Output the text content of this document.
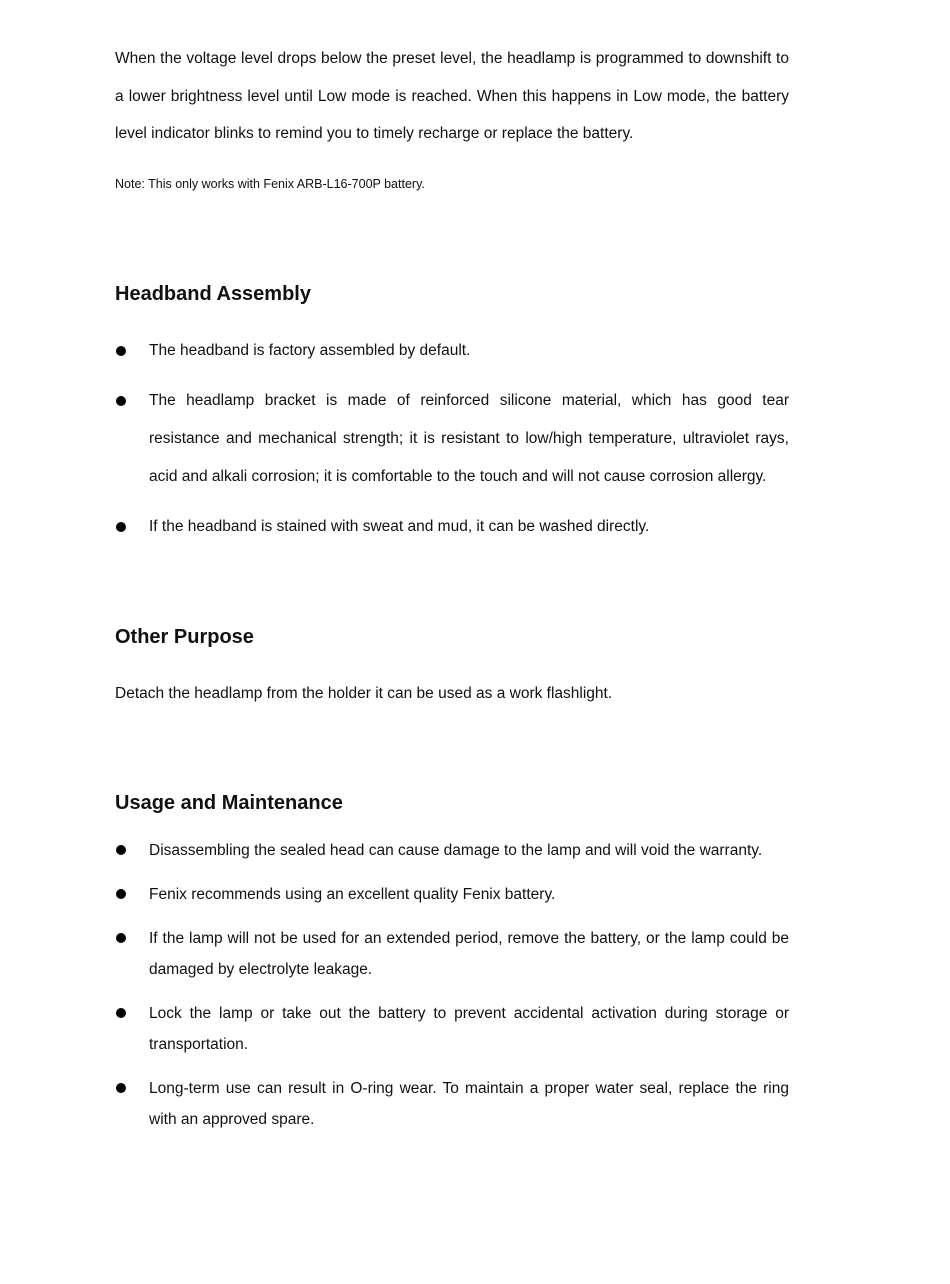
When the voltage level drops below the preset level, the headlamp is programmed to downshift to a lower brightness level until Low mode is reached. When this happens in Low mode, the battery level indicator blinks to remind you to timely recharge or replace the battery.

Note: This only works with Fenix ARB-L16-700P battery.

Headband Assembly
The headband is factory assembled by default.
The headlamp bracket is made of reinforced silicone material, which has good tear resistance and mechanical strength; it is resistant to low/high temperature, ultraviolet rays, acid and alkali corrosion; it is comfortable to the touch and will not cause corrosion allergy.
If the headband is stained with sweat and mud, it can be washed directly.
Other Purpose

Detach the headlamp from the holder it can be used as a work flashlight.

Usage and Maintenance
Disassembling the sealed head can cause damage to the lamp and will void the warranty.
Fenix recommends using an excellent quality Fenix battery.
If the lamp will not be used for an extended period, remove the battery, or the lamp could be damaged by electrolyte leakage.
Lock the lamp or take out the battery to prevent accidental activation during storage or transportation.
Long-term use can result in O-ring wear. To maintain a proper water seal, replace the ring with an approved spare.
